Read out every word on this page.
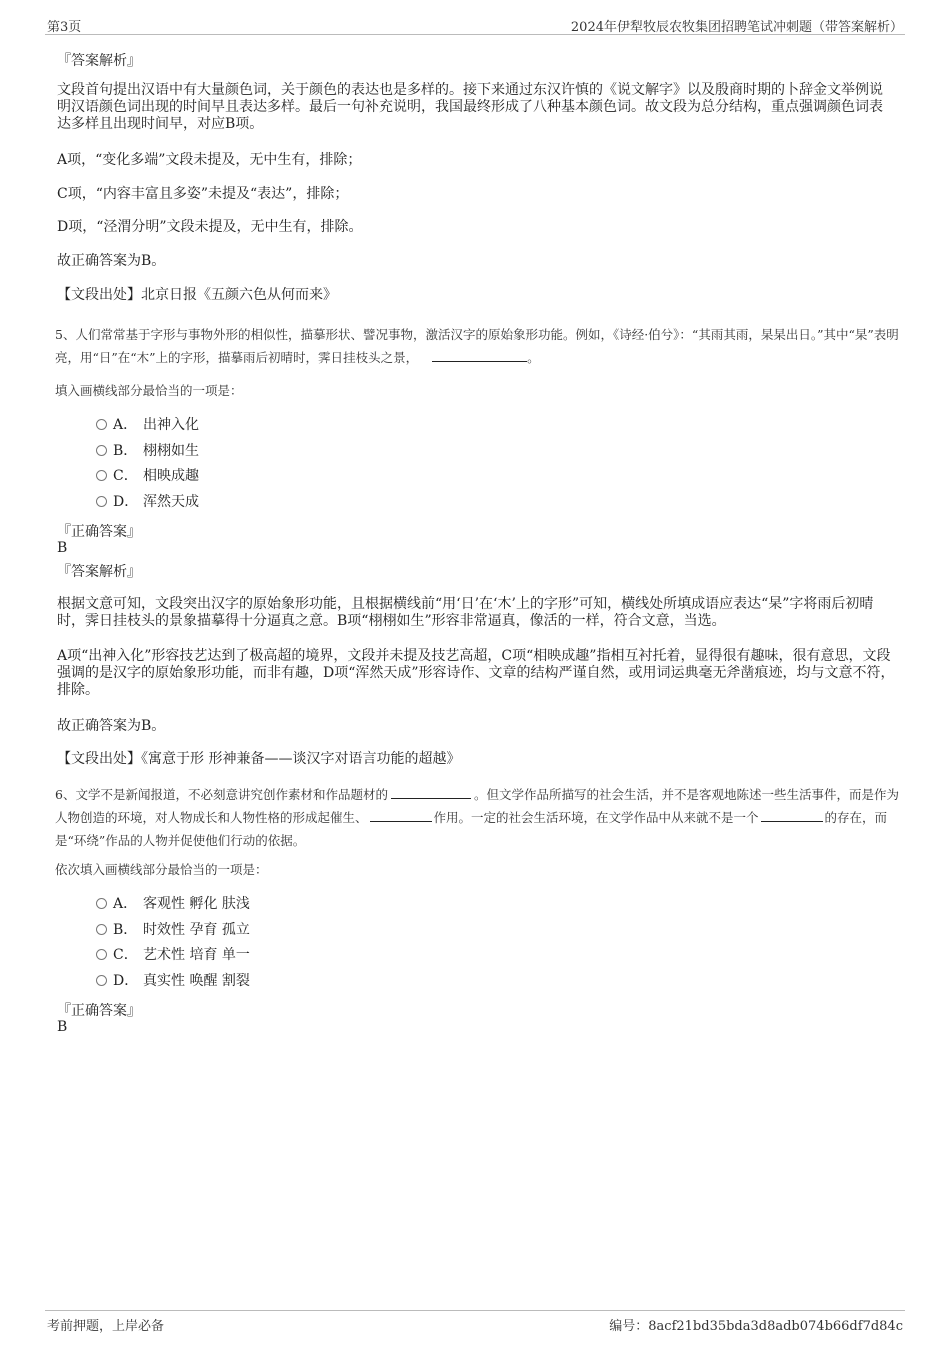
第3页	2024年伊犁牧辰农牧集团招聘笔试冲刺题（带答案解析）
『答案解析』
文段首句提出汉语中有大量颜色词，关于颜色的表达也是多样的。接下来通过东汉许慎的《说文解字》以及殷商时期的卜辞金文举例说明汉语颜色词出现的时间早且表达多样。最后一句补充说明，我国最终形成了八种基本颜色词。故文段为总分结构，重点强调颜色词表达多样且出现时间早，对应B项。
A项，“变化多端”文段未提及，无中生有，排除；
C项，“内容丰富且多姿”未提及“表达”，排除；
D项，“泾渭分明”文段未提及，无中生有，排除。
故正确答案为B。
【文段出处】北京日报《五颜六色从何而来》
5、人们常常基于字形与事物外形的相似性，描摹形状、譬况事物，激活汉字的原始象形功能。例如，《诗经·伯兮》：“其雨其雨，杲杲出日。”其中“杲”表明亮，用“日”在“木”上的字形，描摹雨后初晴时，霁日挂枝头之景，	。
填入画横线部分最恰当的一项是：
A． 出神入化
B． 栩栩如生
C． 相映成趣
D． 浑然天成
『正确答案』
B
『答案解析』
根据文意可知，文段突出汉字的原始象形功能，且根据横线前“用‘日’在‘木’上的字形”可知，横线处所填成语应表达“杲”字将雨后初晴时，霁日挂枝头的景象描摹得十分逼真之意。B项“栩栩如生”形容非常逼真，像活的一样，符合文意，当选。
A项“出神入化”形容技艺达到了极高超的境界，文段并未提及技艺高超，C项“相映成趣”指相互衬托着，显得很有趣味，很有意思，文段强调的是汉字的原始象形功能，而非有趣，D项“浑然天成”形容诗作、文章的结构严谨自然，或用词运典毫无斧凿痕迹，均与文意不符，排除。
故正确答案为B。
【文段出处】《寓意于形 形神兼备——谈汉字对语言功能的超越》
6、文学不是新闻报道，不必刻意讲究创作素材和作品题材的	。但文学作品所描写的社会生活，并不是客观地陈述一些生活事件，而是作为人物创造的环境，对人物成长和人物性格的形成起催生、	作用。一定的社会生活环境，在文学作品中从来就不是一个	的存在，而是“环绕”作品的人物并促使他们行动的依据。
依次填入画横线部分最恰当的一项是：
A． 客观性 孵化 肤浅
B． 时效性 孕育 孤立
C． 艺术性 培育 单一
D． 真实性 唤醒 割裂
『正确答案』
B
考前押题，上岸必备	编号：8acf21bd35bda3d8adb074b66df7d84c
